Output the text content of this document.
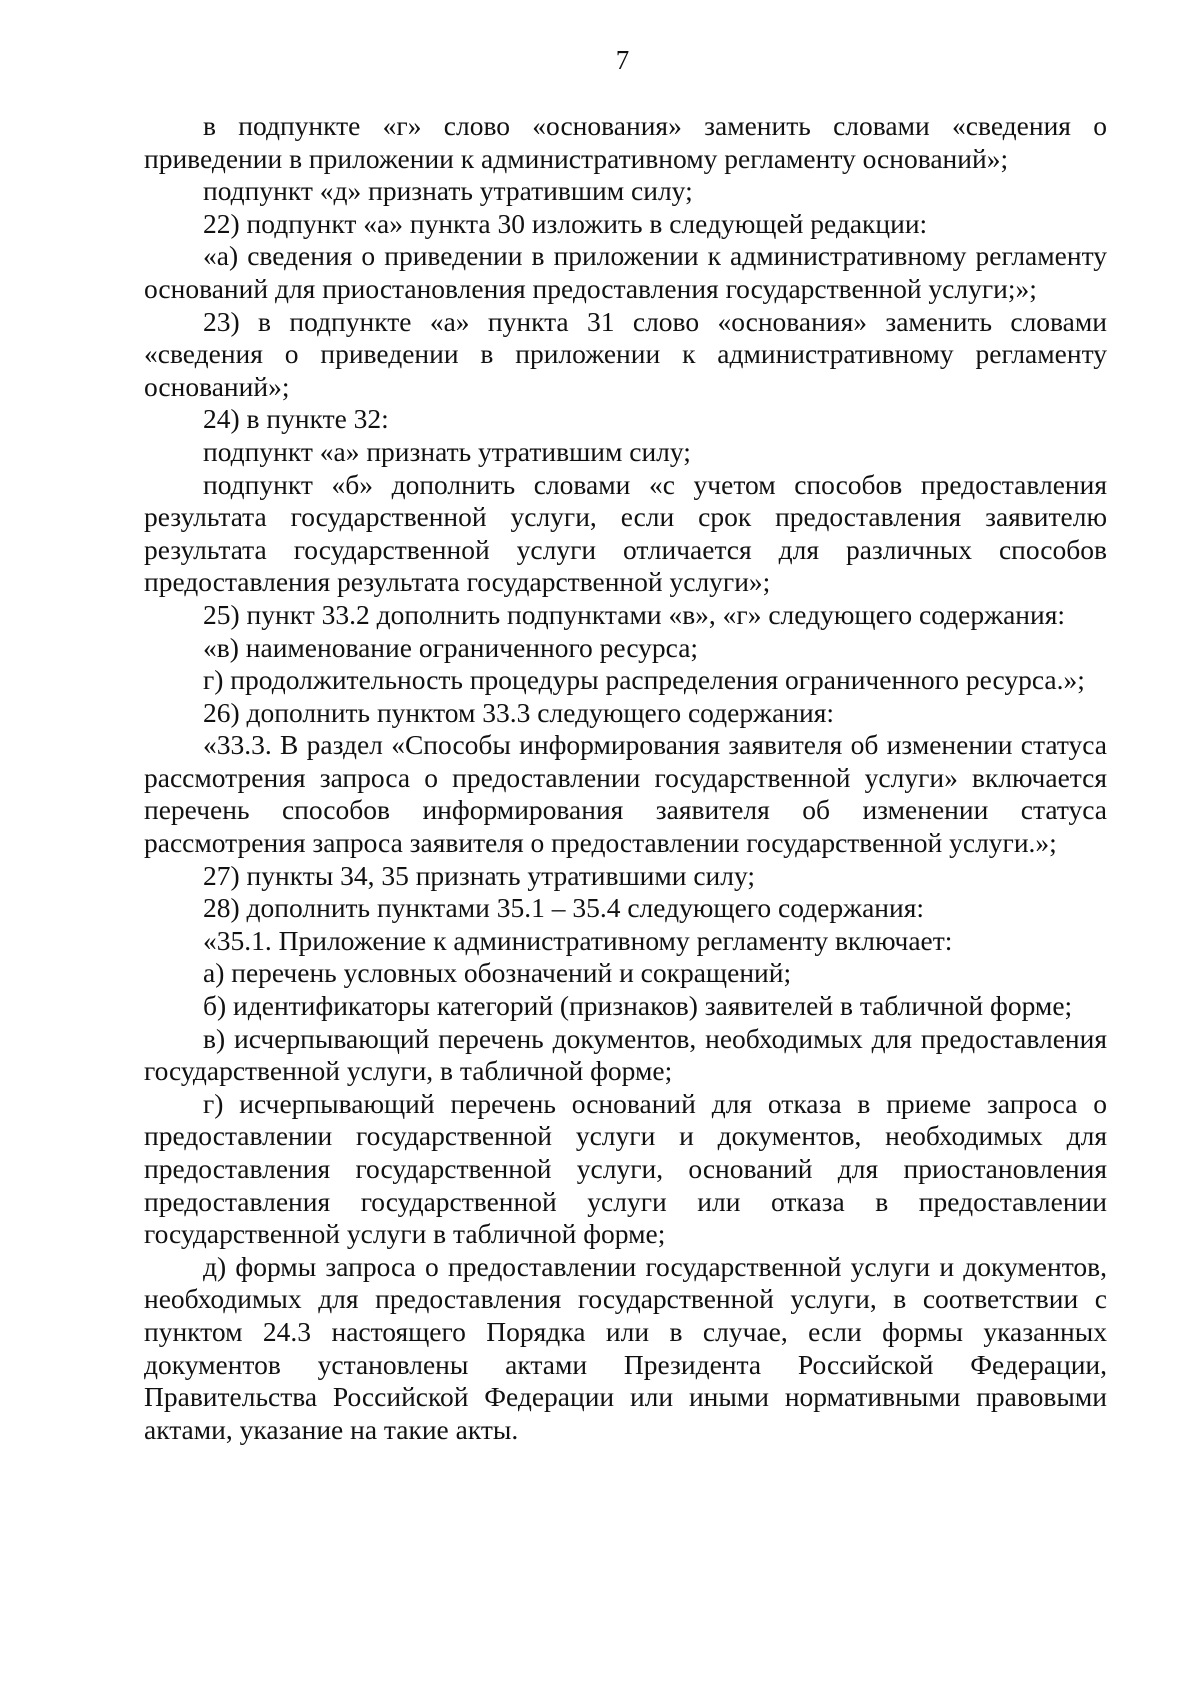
7

в подпункте «г» слово «основания» заменить словами «сведения о приведении в приложении к административному регламенту оснований»;

подпункт «д» признать утратившим силу;

22) подпункт «а» пункта 30 изложить в следующей редакции:

«а) сведения о приведении в приложении к административному регламенту оснований для приостановления предоставления государственной услуги;»;

23) в подпункте «а» пункта 31 слово «основания» заменить словами «сведения о приведении в приложении к административному регламенту оснований»;

24) в пункте 32:

подпункт «а» признать утратившим силу;

подпункт «б» дополнить словами «с учетом способов предоставления результата государственной услуги, если срок предоставления заявителю результата государственной услуги отличается для различных способов предоставления результата государственной услуги»;

25) пункт 33.2 дополнить подпунктами «в», «г» следующего содержания:

«в) наименование ограниченного ресурса;

г) продолжительность процедуры распределения ограниченного ресурса.»;

26) дополнить пунктом 33.3 следующего содержания:

«33.3. В раздел «Способы информирования заявителя об изменении статуса рассмотрения запроса о предоставлении государственной услуги» включается перечень способов информирования заявителя об изменении статуса рассмотрения запроса заявителя о предоставлении государственной услуги.»;

27) пункты 34, 35 признать утратившими силу;

28) дополнить пунктами 35.1 – 35.4 следующего содержания:

«35.1. Приложение к административному регламенту включает:

а) перечень условных обозначений и сокращений;

б) идентификаторы категорий (признаков) заявителей в табличной форме;

в) исчерпывающий перечень документов, необходимых для предоставления государственной услуги, в табличной форме;

г) исчерпывающий перечень оснований для отказа в приеме запроса о предоставлении государственной услуги и документов, необходимых для предоставления государственной услуги, оснований для приостановления предоставления государственной услуги или отказа в предоставлении государственной услуги в табличной форме;

д) формы запроса о предоставлении государственной услуги и документов, необходимых для предоставления государственной услуги, в соответствии с пунктом 24.3 настоящего Порядка или в случае, если формы указанных документов установлены актами Президента Российской Федерации, Правительства Российской Федерации или иными нормативными правовыми актами, указание на такие акты.
